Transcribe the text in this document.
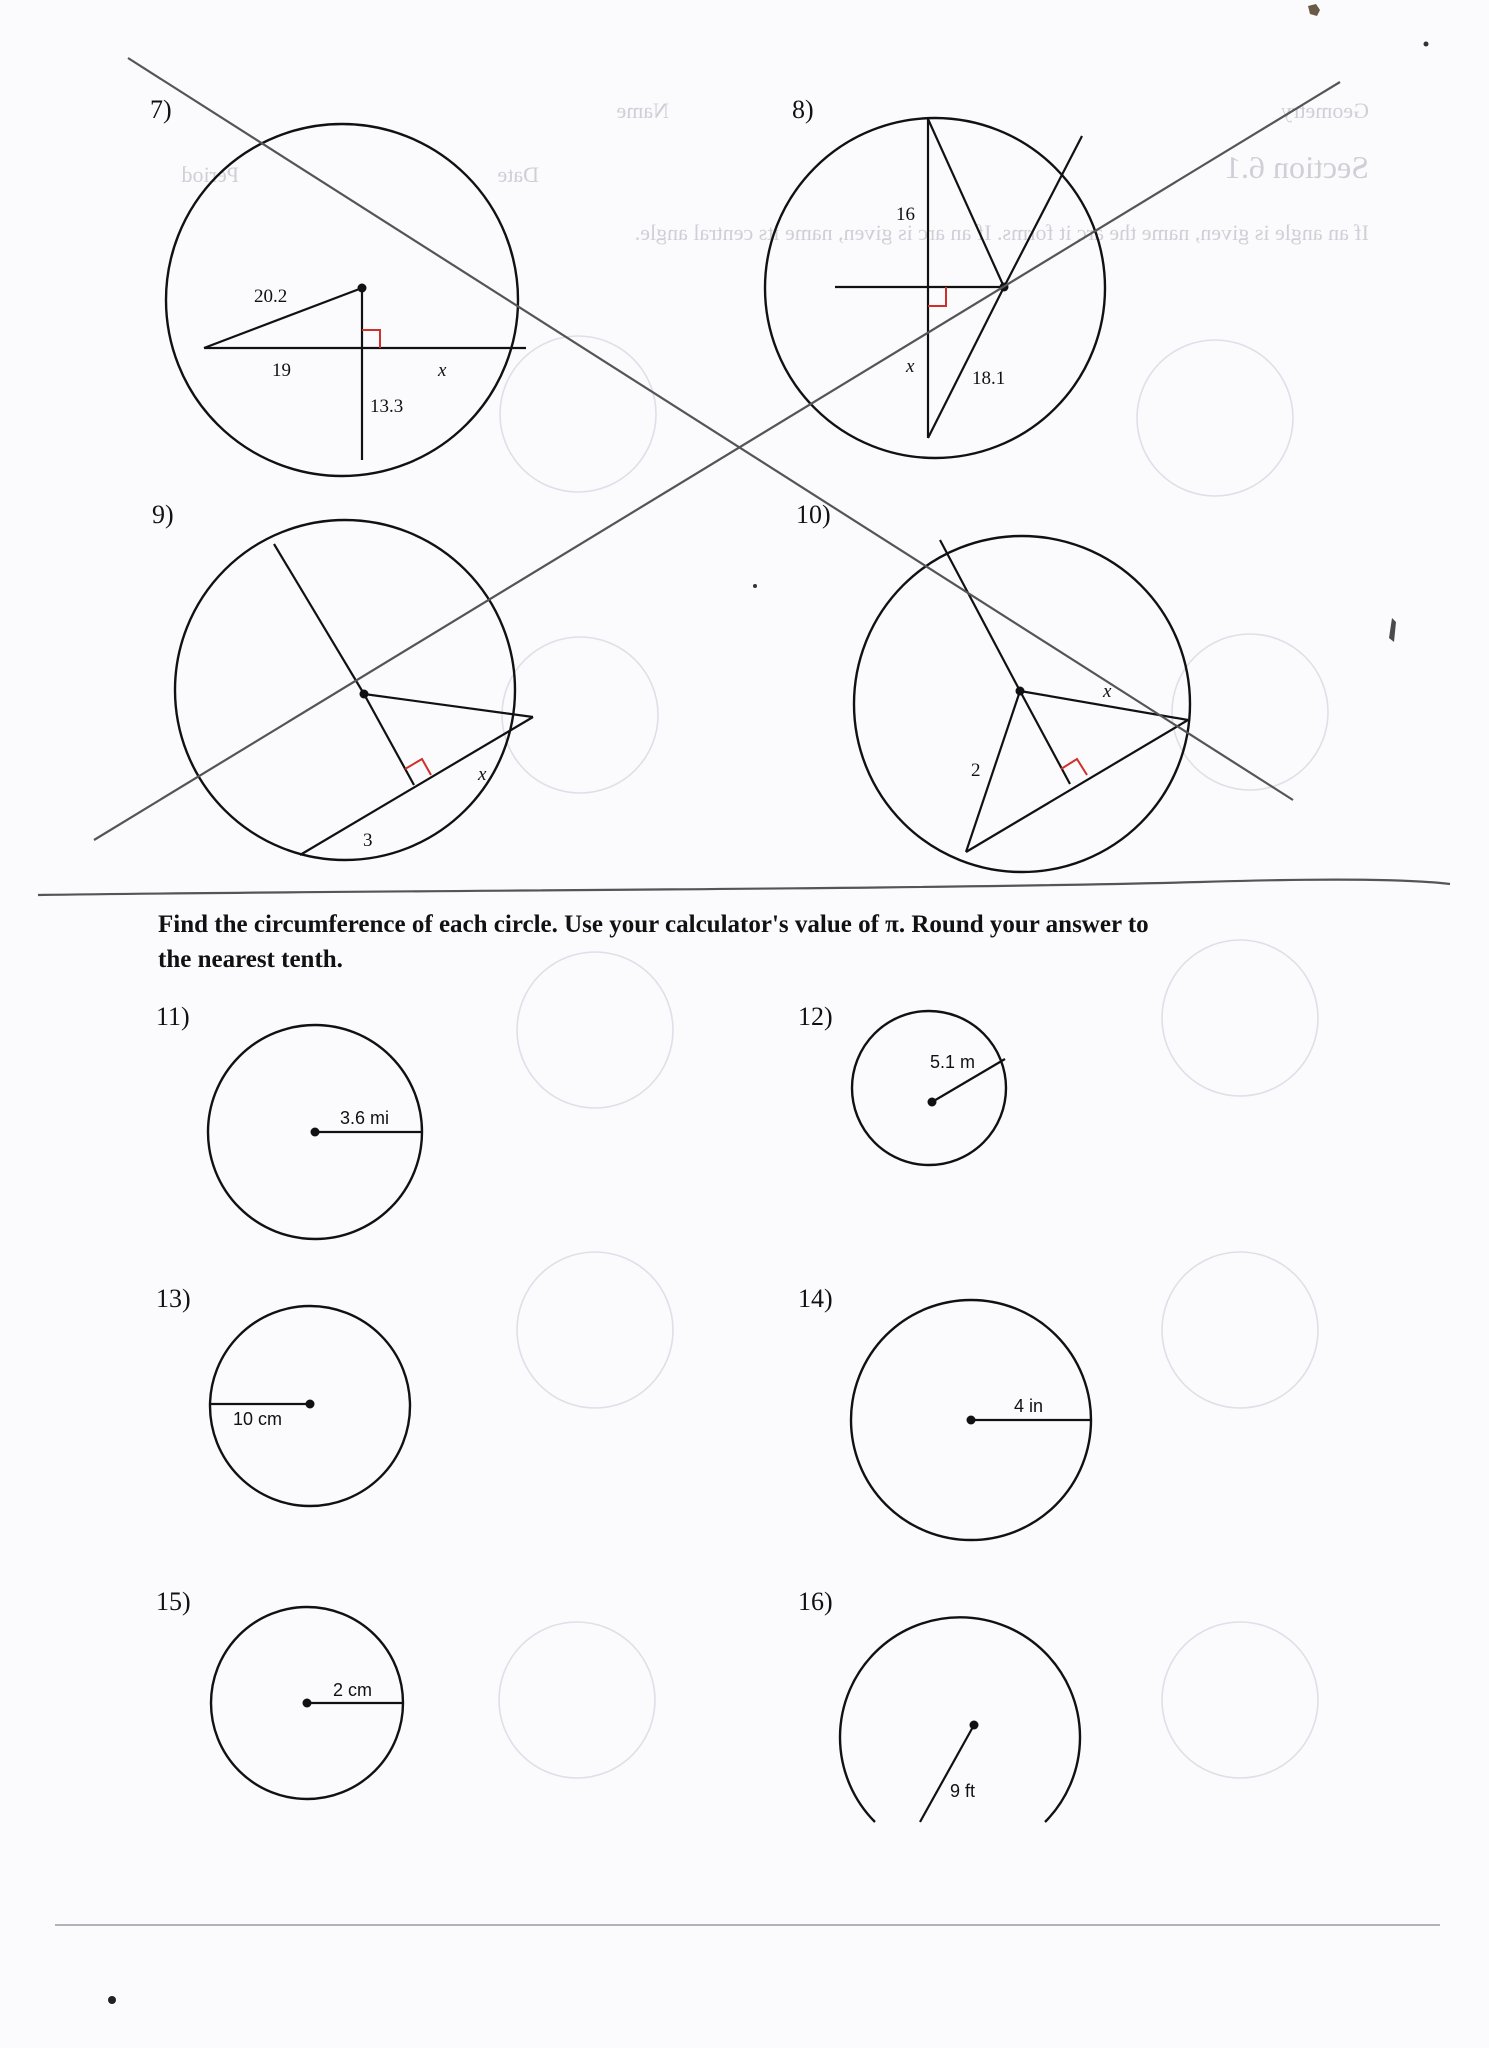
Geometry
Name
Section 6.1
Date
Period
If an angle is given, name the arc it forms. If an arc is given, name its central angle.
7)
20.2
19	x
13.3
8)
16
x
18.1
9)
x
3
10)
x
2
Find the circumference of each circle. Use your calculator's value of π. Round your answer to
the nearest tenth.
11)
3.6 mi
12)
5.1 m
13)
10 cm
14)
4 in
15)
2 cm
16)
9 ft
